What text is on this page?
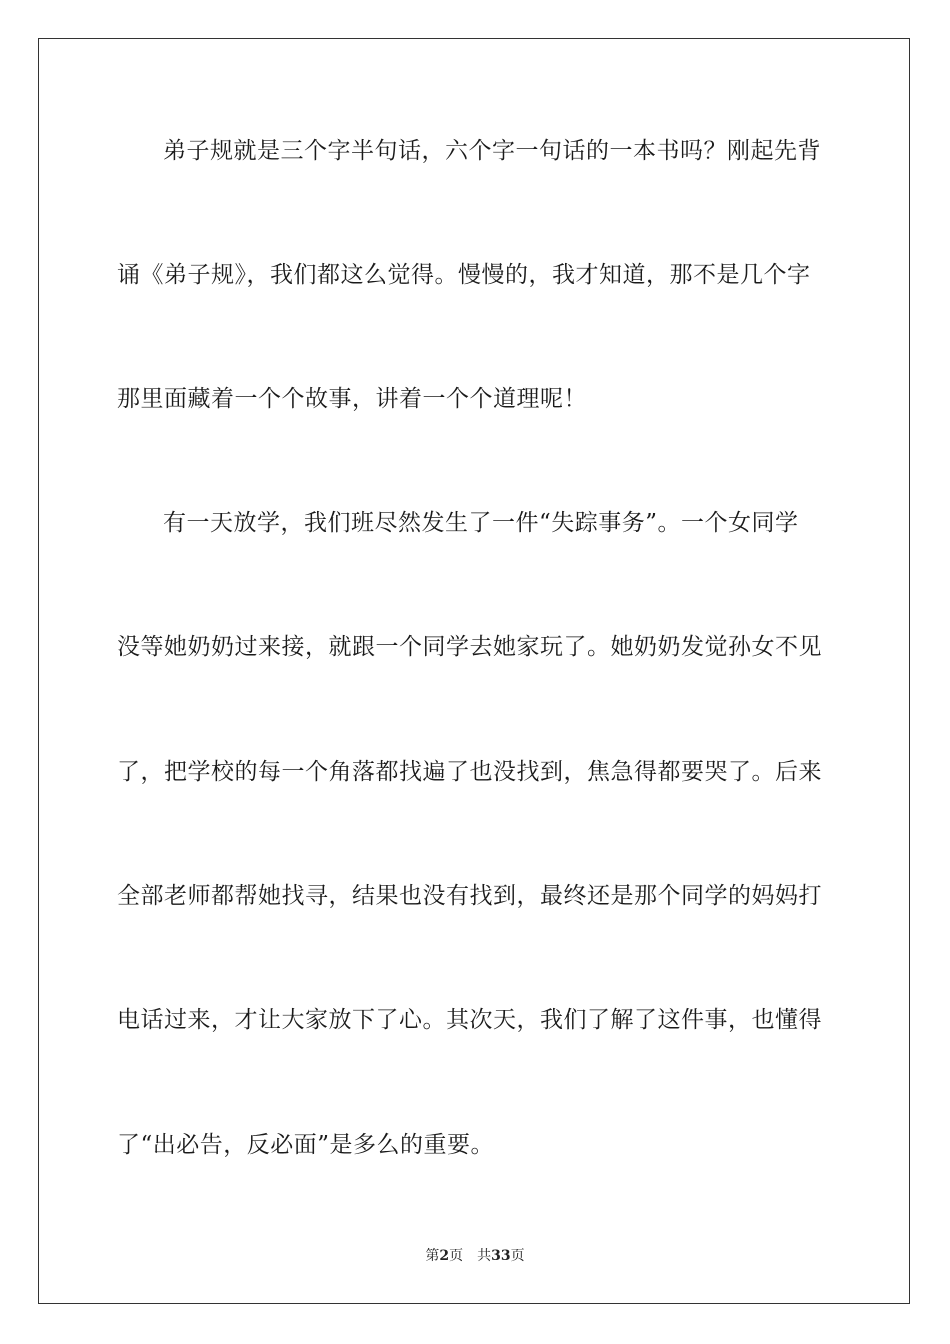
弟子规就是三个字半句话，六个字一句话的一本书吗？刚起先背
诵《弟子规》，我们都这么觉得。慢慢的，我才知道，那不是几个字
那里面藏着一个个故事，讲着一个个道理呢！
有一天放学，我们班尽然发生了一件“失踪事务”。一个女同学
没等她奶奶过来接，就跟一个同学去她家玩了。她奶奶发觉孙女不见
了，把学校的每一个角落都找遍了也没找到，焦急得都要哭了。后来
全部老师都帮她找寻，结果也没有找到，最终还是那个同学的妈妈打
电话过来，才让大家放下了心。其次天，我们了解了这件事，也懂得
了“出必告，反必面”是多么的重要。
第2页 共33页
